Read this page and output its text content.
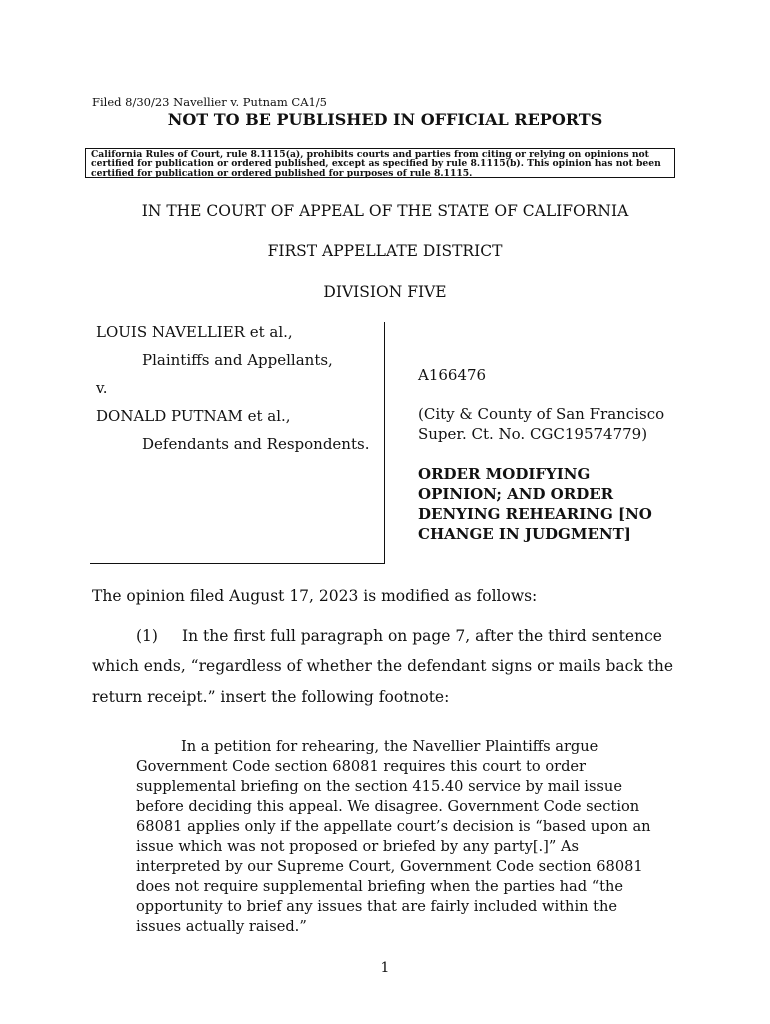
Filed 8/30/23 Navellier v. Putnam CA1/5
NOT TO BE PUBLISHED IN OFFICIAL REPORTS
California Rules of Court, rule 8.1115(a), prohibits courts and parties from citing or relying on opinions not certified for publication or ordered published, except as specified by rule 8.1115(b). This opinion has not been certified for publication or ordered published for purposes of rule 8.1115.
IN THE COURT OF APPEAL OF THE STATE OF CALIFORNIA
FIRST APPELLATE DISTRICT
DIVISION FIVE
LOUIS NAVELLIER et al.,
Plaintiffs and Appellants,
v.
DONALD PUTNAM et al.,
Defendants and Respondents.
A166476
(City & County of San Francisco
Super. Ct. No. CGC19574779)
ORDER MODIFYING OPINION; AND ORDER DENYING REHEARING [NO CHANGE IN JUDGMENT]
The opinion filed August 17, 2023 is modified as follows:
(1) In the first full paragraph on page 7, after the third sentence
which ends, “regardless of whether the defendant signs or mails back the
return receipt.” insert the following footnote:
In a petition for rehearing, the Navellier Plaintiffs argue Government Code section 68081 requires this court to order supplemental briefing on the section 415.40 service by mail issue before deciding this appeal. We disagree. Government Code section 68081 applies only if the appellate court’s decision is “based upon an issue which was not proposed or briefed by any party[.]” As interpreted by our Supreme Court, Government Code section 68081 does not require supplemental briefing when the parties had “the opportunity to brief any issues that are fairly included within the issues actually raised.”
1
